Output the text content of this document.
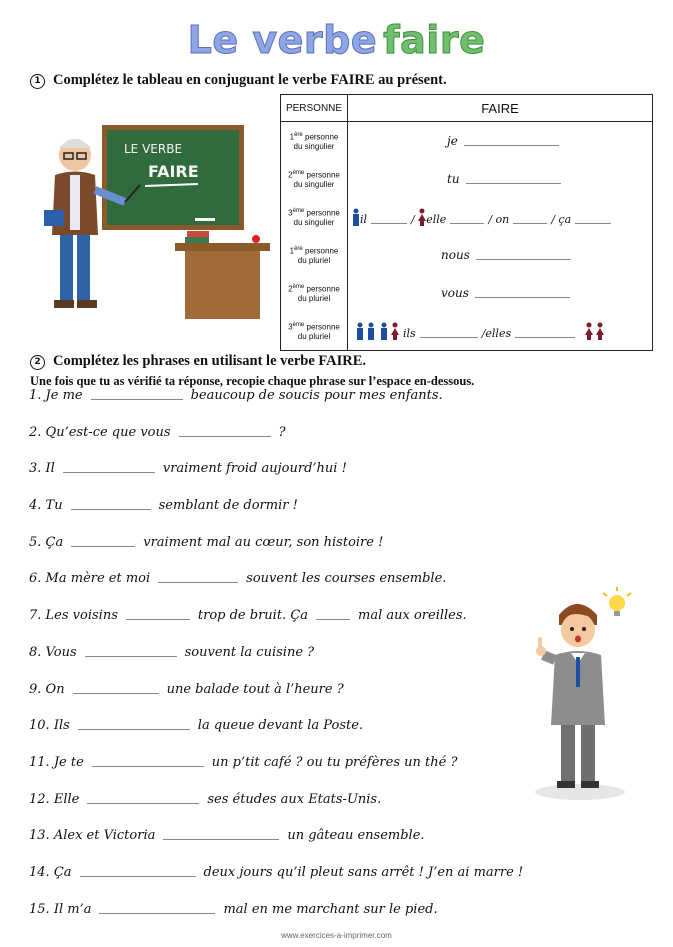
Le verbe faire
1 Complétez le tableau en conjuguant le verbe FAIRE au présent.
LE VERBE
FAIRE
PERSONNE	FAIRE
1ère personne
du singulier	je
2ème personne
du singulier	tu
3ème personne
du singulier	il / elle / on / ça
1ère personne
du pluriel	nous
2ème personne
du pluriel	vous
3ème personne
du pluriel	ils /elles
2 Complétez les phrases en utilisant le verbe FAIRE.
Une fois que tu as vérifié ta réponse, recopie chaque phrase sur l’espace en-dessous.
1. Je me	beaucoup de soucis pour mes enfants.
2. Qu’est-ce que vous	?
3. Il	vraiment froid aujourd’hui !
4. Tu	semblant de dormir !
5. Ça	vraiment mal au cœur, son histoire !
6. Ma mère et moi	souvent les courses ensemble.
7. Les voisins	trop de bruit. Ça	mal aux oreilles.
8. Vous	souvent la cuisine ?
9. On	une balade tout à l’heure ?
10. Ils	la queue devant la Poste.
11. Je te	un p’tit café ? ou tu préfères un thé ?
12. Elle	ses études aux Etats-Unis.
13. Alex et Victoria	un gâteau ensemble.
14. Ça	deux jours qu’il pleut sans arrêt ! J’en ai marre !
15. Il m’a	mal en me marchant sur le pied.
www.exercices-a-imprimer.com
